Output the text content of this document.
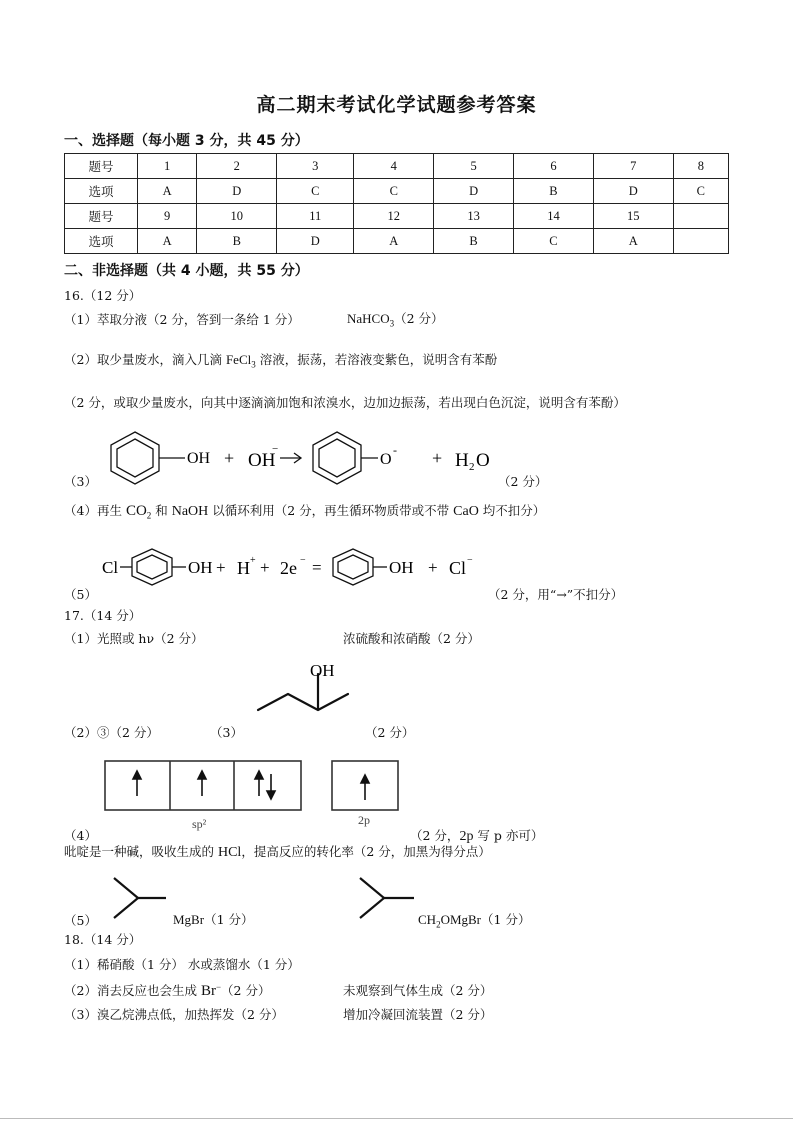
高二期末考试化学试题参考答案
一、选择题（每小题 3 分，共 45 分）
题号	1	2	3	4	5	6	7	8
选项	A	D	C	C	D	B	D	C
题号	9	10	11	12	13	14	15	
选项	A	B	D	A	B	C	A	
二、非选择题（共 4 小题，共 55 分）
16.（12 分）
（1）萃取分液（2 分，答到一条给 1 分）	NaHCO$_3$（2 分）
（2）取少量废水，滴入几滴 FeCl$_3$ 溶液，振荡，若溶液变紫色，说明含有苯酚
（2 分，或取少量废水，向其中逐滴滴加饱和浓溴水，边加边振荡，若出现白色沉淀，说明含有苯酚）
（3）
OH + OH
−
O
- + H 2 O
（2 分）
（4）再生 $CO_2$ 和 NaOH 以循环利用（2 分，再生循环物质带或不带 CaO 均不扣分）
（5）
Cl	OH + H + + 2e − =	OH + Cl −
（2 分，用“→”不扣分）
17.（14 分）
（1）光照或 hν（2 分）	浓硫酸和浓硝酸（2 分）
（2）③（2 分）	（3）
OH
（2 分）
（4）
sp²	2p
（2 分，2p 写 p 亦可）
吡啶是一种碱，吸收生成的 HCl，提高反应的转化率（2 分，加黑为得分点）
（5）	MgBr（1 分）	$CH_2OMgBr(1$ 分）
18.（14 分）
（1）稀硝酸（1 分） 水或蒸馏水（1 分）
（2）消去反应也会生成 Br−（2 分）	未观察到气体生成（2 分）
（3）溴乙烷沸点低，加热挥发（2 分）	增加冷凝回流装置（2 分）
